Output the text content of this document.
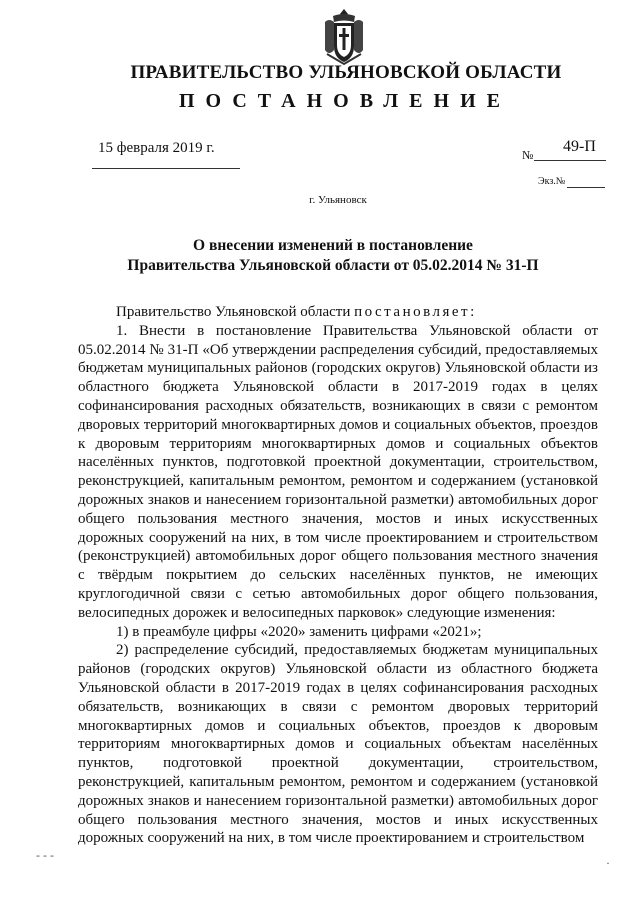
ПРАВИТЕЛЬСТВО УЛЬЯНОВСКОЙ ОБЛАСТИ
ПОСТАНОВЛЕНИЕ
15 февраля 2019 г.	№ 49-П
Экз.№
г. Ульяновск
О внесении изменений в постановление
Правительства Ульяновской области от 05.02.2014 № 31-П

Правительство Ульяновской области постановляет:

1. Внести в постановление Правительства Ульяновской области от 05.02.2014 № 31-П «Об утверждении распределения субсидий, предоставляемых бюджетам муниципальных районов (городских округов) Ульяновской области из областного бюджета Ульяновской области в 2017-2019 годах в целях софинансирования расходных обязательств, возникающих в связи с ремонтом дворовых территорий многоквартирных домов и социальных объектов, проездов к дворовым территориям многоквартирных домов и социальных объектов населённых пунктов, подготовкой проектной документации, строительством, реконструкцией, капитальным ремонтом, ремонтом и содержанием (установкой дорожных знаков и нанесением горизонтальной разметки) автомобильных дорог общего пользования местного значения, мостов и иных искусственных дорожных сооружений на них, в том числе проектированием и строительством (реконструкцией) автомобильных дорог общего пользования местного значения с твёрдым покрытием до сельских населённых пунктов, не имеющих круглогодичной связи с сетью автомобильных дорог общего пользования, велосипедных дорожек и велосипедных парковок» следующие изменения:

1) в преамбуле цифры «2020» заменить цифрами «2021»;

2) распределение субсидий, предоставляемых бюджетам муниципальных районов (городских округов) Ульяновской области из областного бюджета Ульяновской области в 2017-2019 годах в целях софинансирования расходных обязательств, возникающих в связи с ремонтом дворовых территорий многоквартирных домов и социальных объектов, проездов к дворовым территориям многоквартирных домов и социальных объектам населённых пунктов, подготовкой проектной документации, строительством, реконструкцией, капитальным ремонтом, ремонтом и содержанием (установкой дорожных знаков и нанесением горизонтальной разметки) автомобильных дорог общего пользования местного значения, мостов и иных искусственных дорожных сооружений на них, в том числе проектированием и строительством

- - -
·
